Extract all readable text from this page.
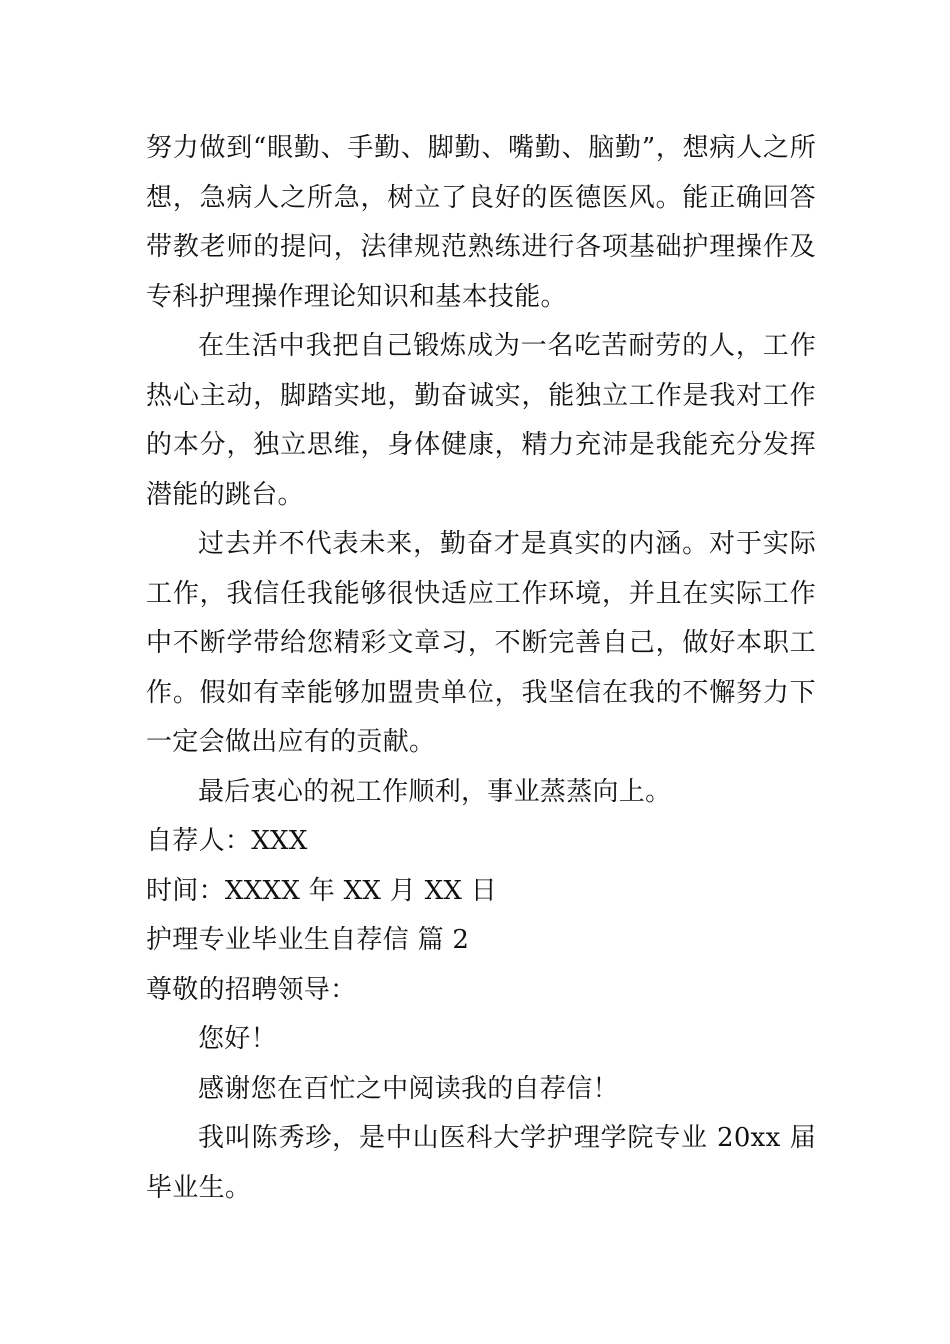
努力做到“眼勤、手勤、脚勤、嘴勤、脑勤”，想病人之所想，急病人之所急，树立了良好的医德医风。能正确回答带教老师的提问，法律规范熟练进行各项基础护理操作及专科护理操作理论知识和基本技能。

在生活中我把自己锻炼成为一名吃苦耐劳的人，工作热心主动，脚踏实地，勤奋诚实，能独立工作是我对工作的本分，独立思维，身体健康，精力充沛是我能充分发挥潜能的跳台。

过去并不代表未来，勤奋才是真实的内涵。对于实际工作，我信任我能够很快适应工作环境，并且在实际工作中不断学带给您精彩文章习，不断完善自己，做好本职工作。假如有幸能够加盟贵单位，我坚信在我的不懈努力下一定会做出应有的贡献。

最后衷心的祝工作顺利，事业蒸蒸向上。

自荐人：XXX

时间：XXXX 年 XX 月 XX 日

护理专业毕业生自荐信 篇 2

尊敬的招聘领导：

您好！

感谢您在百忙之中阅读我的自荐信！

我叫陈秀珍，是中山医科大学护理学院专业 20xx 届毕业生。
